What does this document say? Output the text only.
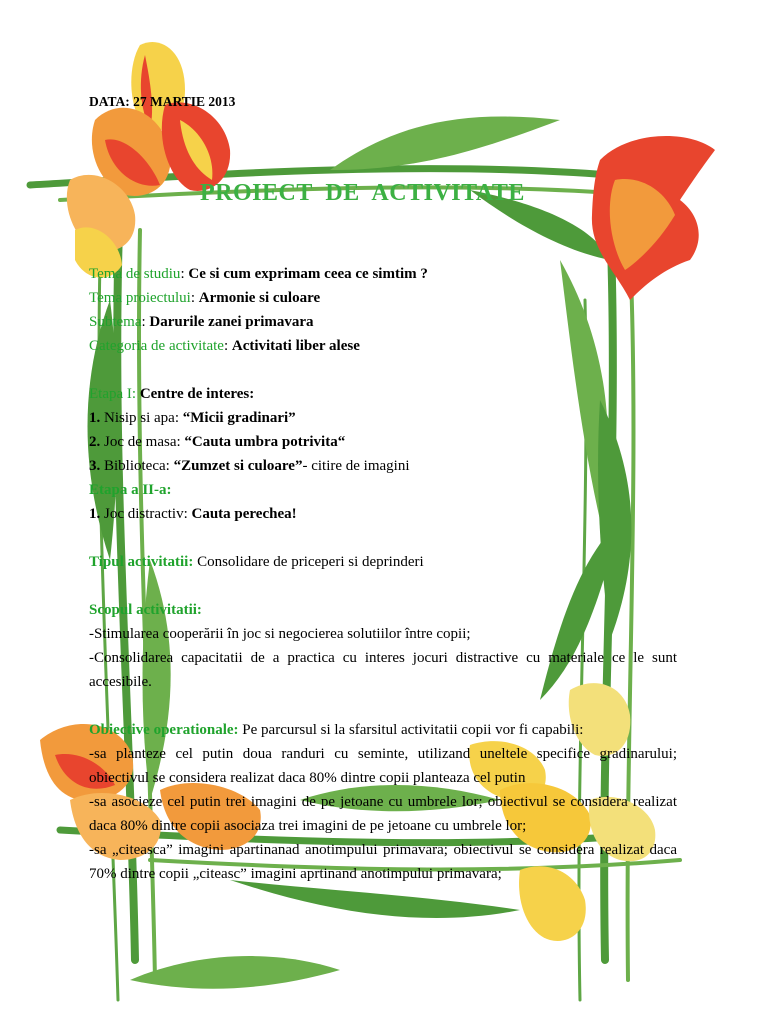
DATA: 27 MARTIE 2013
PROIECT  DE  ACTIVITATE
Tema de studiu: Ce si cum exprimam ceea ce simtim ?
Tema proiectului: Armonie si culoare
Subtema: Darurile zanei primavara
Categoria de activitate: Activitati liber alese
Etapa I: Centre de interes:
1. Nisip si apa: “Micii gradinari”
2. Joc de masa: “Cauta umbra potrivita“
3. Biblioteca: “Zumzet si culoare”- citire de imagini
Etapa a II-a:
1. Joc distractiv: Cauta perechea!
Tipul activitatii: Consolidare de priceperi si deprinderi
Scopul activitatii:
-Stimularea cooperării în joc si negocierea solutiilor între copii;
-Consolidarea capacitatii de a practica cu interes jocuri distractive cu materiale ce le sunt accesibile.
Obiective operationale: Pe parcursul si la sfarsitul activitatii copii vor fi capabili:
-sa planteze cel putin doua randuri cu seminte, utilizand uneltele specifice gradinarului; obiectivul se considera realizat daca 80% dintre copii planteaza cel putin
-sa asocieze cel putin trei imagini de pe jetoane cu umbrele lor; obiectivul se considera realizat daca 80% dintre copii asociaza trei imagini de pe jetoane cu umbrele lor;
-sa „citeasca” imagini apartinanad anotimpului primavara; obiectivul se considera realizat daca 70% dintre copii „citeasc” imagini aprtinand anotimpului primavara;
